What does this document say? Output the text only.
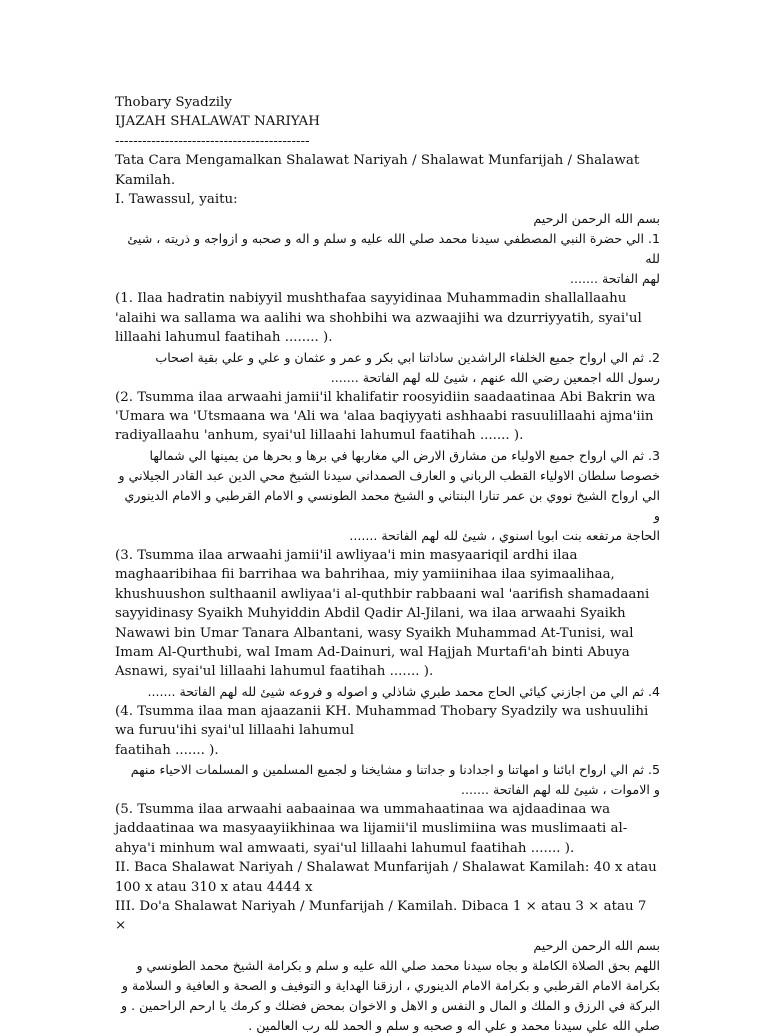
Thobary Syadzily
IJAZAH SHALAWAT NARIYAH
-------------------------------------------
Tata Cara Mengamalkan Shalawat Nariyah / Shalawat Munfarijah / Shalawat Kamilah.
I. Tawassul, yaitu:
بسم الله الرحمن الرحيم
1. الي حضرة النبي المصطفي سيدنا محمد صلي الله عليه و سلم و اله و صحبه و ازواجه و ذريته ، شيئ لله
لهم الفاتحة .......
(1. Ilaa hadratin nabiyyil mushthafaa sayyidinaa Muhammadin shallallaahu 'alaihi wa sallama wa aalihi wa shohbihi wa azwaajihi wa dzurriyyatih, syai'ul lillaahi lahumul faatihah ........ ).
2. ثم الي ارواح جميع الخلفاء الراشدين ساداتنا ابي بكر و عمر و عثمان و علي و علي بقية اصحاب
رسول الله اجمعين رضي الله عنهم ، شيئ لله لهم الفاتحة .......
(2. Tsumma ilaa arwaahi jamii'il khalifatir roosyidiin saadaatinaa Abi Bakrin wa 'Umara wa 'Utsmaana wa 'Ali wa 'alaa baqiyyati ashhaabi rasuulillaahi ajma'iin radiyallaahu 'anhum, syai'ul lillaahi lahumul faatihah ....... ).
3. ثم الي ارواح جميع الاولياء من مشارق الارض الي مغاربها في برها و بحرها من يمينها الي شمالها
خصوصا سلطان الاولياء القطب الرباني و العارف الصمداني سيدنا الشيخ محي الدين عبد القادر الجيلاني و
الي ارواح الشيخ نووي بن عمر تنارا البنتاني و الشيخ محمد الطونسي و الامام القرطبي و الامام الدينوري و
الحاجة مرتفعه بنت ابويا اسنوي ، شيئ لله لهم الفاتحة .......
(3. Tsumma ilaa arwaahi jamii'il awliyaa'i min masyaariqil ardhi ilaa maghaaribihaa fii barrihaa wa bahrihaa, miy yamiinihaa ilaa syimaalihaa, khushuushon sulthaanil awliyaa'i al-quthbir rabbaani wal 'aarifish shamadaani sayyidinasy Syaikh Muhyiddin Abdil Qadir Al-Jilani, wa ilaa arwaahi Syaikh Nawawi bin Umar Tanara Albantani, wasy Syaikh Muhammad At-Tunisi, wal Imam Al-Qurthubi, wal Imam Ad-Dainuri, wal Hajjah Murtafi'ah binti Abuya Asnawi, syai'ul lillaahi lahumul faatihah ....... ).
4. ثم الي من اجازني كيائي الحاج محمد طبري شاذلي و اصوله و فروعه شيئ لله لهم الفاتحة .......
(4. Tsumma ilaa man ajaazanii KH. Muhammad Thobary Syadzily wa ushuulihi wa furuu'ihi syai'ul lillaahi lahumul
faatihah ....... ).
5. ثم الي ارواح ابائنا و امهاتنا و اجدادنا و جداتنا و مشايخنا و لجميع المسلمين و المسلمات الاحياء منهم
و الاموات ، شيئ لله لهم الفاتحة .......
(5. Tsumma ilaa arwaahi aabaainaa wa ummahaatinaa wa ajdaadinaa wa jaddaatinaa wa masyaayiikhinaa wa lijamii'il muslimiina was muslimaati al-ahya'i minhum wal amwaati, syai'ul lillaahi lahumul faatihah ....... ).
II. Baca Shalawat Nariyah / Shalawat Munfarijah / Shalawat Kamilah: 40 x atau 100 x atau 310 x atau 4444 x
III. Do'a Shalawat Nariyah / Munfarijah / Kamilah. Dibaca 1 × atau 3 × atau 7 ×
بسم الله الرحمن الرحيم
اللهم بحق الصلاة الكاملة و بجاه سيدنا محمد صلي الله عليه و سلم و بكرامة الشيخ محمد الطونسي و
بكرامة الامام القرطبي و بكرامة الامام الدينوري ، ارزقنا الهداية و التوفيف و الصحة و العافية و السلامة و
البركة في الرزق و الملك و المال و النفس و الاهل و الاخوان بمحض فضلك و كرمك يا ارحم الراحمين . و
صلي الله علي سيدنا محمد و علي اله و صحبه و سلم و الحمد لله رب العالمين .
